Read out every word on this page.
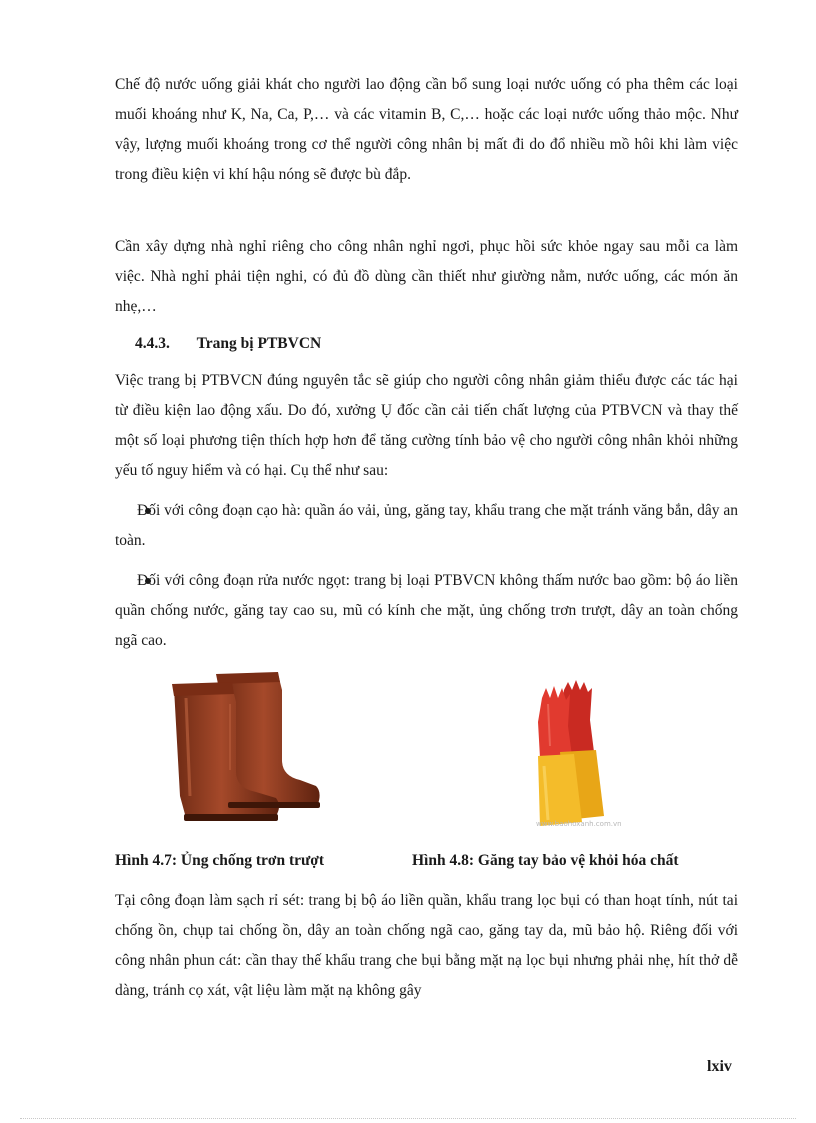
Chế độ nước uống giải khát cho người lao động cần bổ sung loại nước uống có pha thêm các loại muối khoáng như K, Na, Ca, P,… và các vitamin B, C,… hoặc các loại nước uống thảo mộc. Như vậy, lượng muối khoáng trong cơ thể người công nhân bị mất đi do đổ nhiều mồ hôi khi làm việc trong điều kiện vi khí hậu nóng sẽ được bù đắp.

Cần xây dựng nhà nghỉ riêng cho công nhân nghỉ ngơi, phục hồi sức khỏe ngay sau mỗi ca làm việc. Nhà nghỉ phải tiện nghi, có đủ đồ dùng cần thiết như giường nằm, nước uống, các món ăn nhẹ,…

4.4.3. Trang bị PTBVCN

Việc trang bị PTBVCN đúng nguyên tắc sẽ giúp cho người công nhân giảm thiểu được các tác hại từ điều kiện lao động xấu. Do đó, xưởng Ụ đốc cần cải tiến chất lượng của PTBVCN và thay thế một số loại phương tiện thích hợp hơn để tăng cường tính bảo vệ cho người công nhân khỏi những yếu tố nguy hiểm và có hại. Cụ thể như sau:

Đối với công đoạn cạo hà: quần áo vải, ủng, găng tay, khẩu trang che mặt tránh văng bắn, dây an toàn.

Đối với công đoạn rửa nước ngọt: trang bị loại PTBVCN không thấm nước bao gồm: bộ áo liền quần chống nước, găng tay cao su, mũ có kính che mặt, ủng chống trơn trượt, dây an toàn chống ngã cao.

www.baohoxanh.com.vn

Hình 4.7: Ủng chống trơn trượt	Hình 4.8: Găng tay bảo vệ khỏi hóa chất

Tại công đoạn làm sạch rỉ sét: trang bị bộ áo liền quần, khẩu trang lọc bụi có than hoạt tính, nút tai chống ồn, chụp tai chống ồn, dây an toàn chống ngã cao, găng tay da, mũ bảo hộ. Riêng đối với công nhân phun cát: cần thay thế khẩu trang che bụi bằng mặt nạ lọc bụi nhưng phải nhẹ, hít thở dễ dàng, tránh cọ xát, vật liệu làm mặt nạ không gây

lxiv
